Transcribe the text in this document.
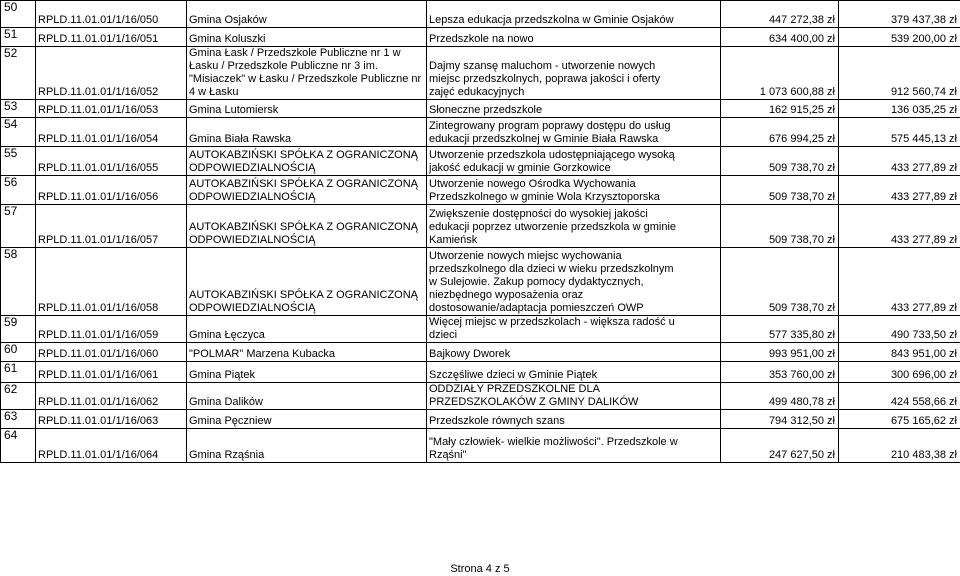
50	RPLD.11.01.01/1/16/050	Gmina Osjaków	Lepsza edukacja przedszkolna w Gminie Osjaków	447 272,38 zł	379 437,38 zł

51	RPLD.11.01.01/1/16/051	Gmina Koluszki	Przedszkole na nowo	634 400,00 zł	539 200,00 zł

52	RPLD.11.01.01/1/16/052	Gmina Łask / Przedszkole Publiczne nr 1 w
Łasku / Przedszkole Publiczne nr 3 im.
"Misiaczek" w Łasku / Przedszkole Publiczne nr
4 w Łasku	Dajmy szansę maluchom - utworzenie nowych
miejsc przedszkolnych, poprawa jakości i oferty
zajęć edukacyjnych	1 073 600,88 zł	912 560,74 zł

53	RPLD.11.01.01/1/16/053	Gmina Lutomiersk	Słoneczne przedszkole	162 915,25 zł	136 035,25 zł

54	RPLD.11.01.01/1/16/054	Gmina Biała Rawska	Zintegrowany program poprawy dostępu do usług
edukacji przedszkolnej w Gminie Biała Rawska	676 994,25 zł	575 445,13 zł

55	RPLD.11.01.01/1/16/055	AUTOKABZIŃSKI SPÓŁKA Z OGRANICZONĄ
ODPOWIEDZIALNOŚCIĄ	Utworzenie przedszkola udostępniającego wysoką
jakość edukacji w gminie Gorzkowice	509 738,70 zł	433 277,89 zł

56	RPLD.11.01.01/1/16/056	AUTOKABZIŃSKI SPÓŁKA Z OGRANICZONĄ
ODPOWIEDZIALNOŚCIĄ	Utworzenie nowego Ośrodka Wychowania
Przedszkolnego w gminie Wola Krzysztoporska	509 738,70 zł	433 277,89 zł

57	RPLD.11.01.01/1/16/057	AUTOKABZIŃSKI SPÓŁKA Z OGRANICZONĄ
ODPOWIEDZIALNOŚCIĄ	Zwiększenie dostępności do wysokiej jakości
edukacji poprzez utworzenie przedszkola w gminie
Kamieńsk	509 738,70 zł	433 277,89 zł

58	RPLD.11.01.01/1/16/058	AUTOKABZIŃSKI SPÓŁKA Z OGRANICZONĄ
ODPOWIEDZIALNOŚCIĄ	Utworzenie nowych miejsc wychowania
przedszkolnego dla dzieci w wieku przedszkolnym
w Sulejowie. Zakup pomocy dydaktycznych,
niezbędnego wyposażenia oraz
dostosowanie/adaptacja pomieszczeń OWP	509 738,70 zł	433 277,89 zł

59	RPLD.11.01.01/1/16/059	Gmina Łęczyca	Więcej miejsc w przedszkolach - większa radość u
dzieci	577 335,80 zł	490 733,50 zł

60	RPLD.11.01.01/1/16/060	"POLMAR" Marzena Kubacka	Bajkowy Dworek	993 951,00 zł	843 951,00 zł

61	RPLD.11.01.01/1/16/061	Gmina Piątek	Szczęśliwe dzieci w Gminie Piątek	353 760,00 zł	300 696,00 zł

62	RPLD.11.01.01/1/16/062	Gmina Dalików	ODDZIAŁY PRZEDSZKOLNE DLA
PRZEDSZKOLAKÓW Z GMINY DALIKÓW	499 480,78 zł	424 558,66 zł

63	RPLD.11.01.01/1/16/063	Gmina Pęczniew	Przedszkole równych szans	794 312,50 zł	675 165,62 zł

64	RPLD.11.01.01/1/16/064	Gmina Rząśnia	"Mały człowiek- wielkie możliwości". Przedszkole w
Rząśni"	247 627,50 zł	210 483,38 zł
Strona 4 z 5
